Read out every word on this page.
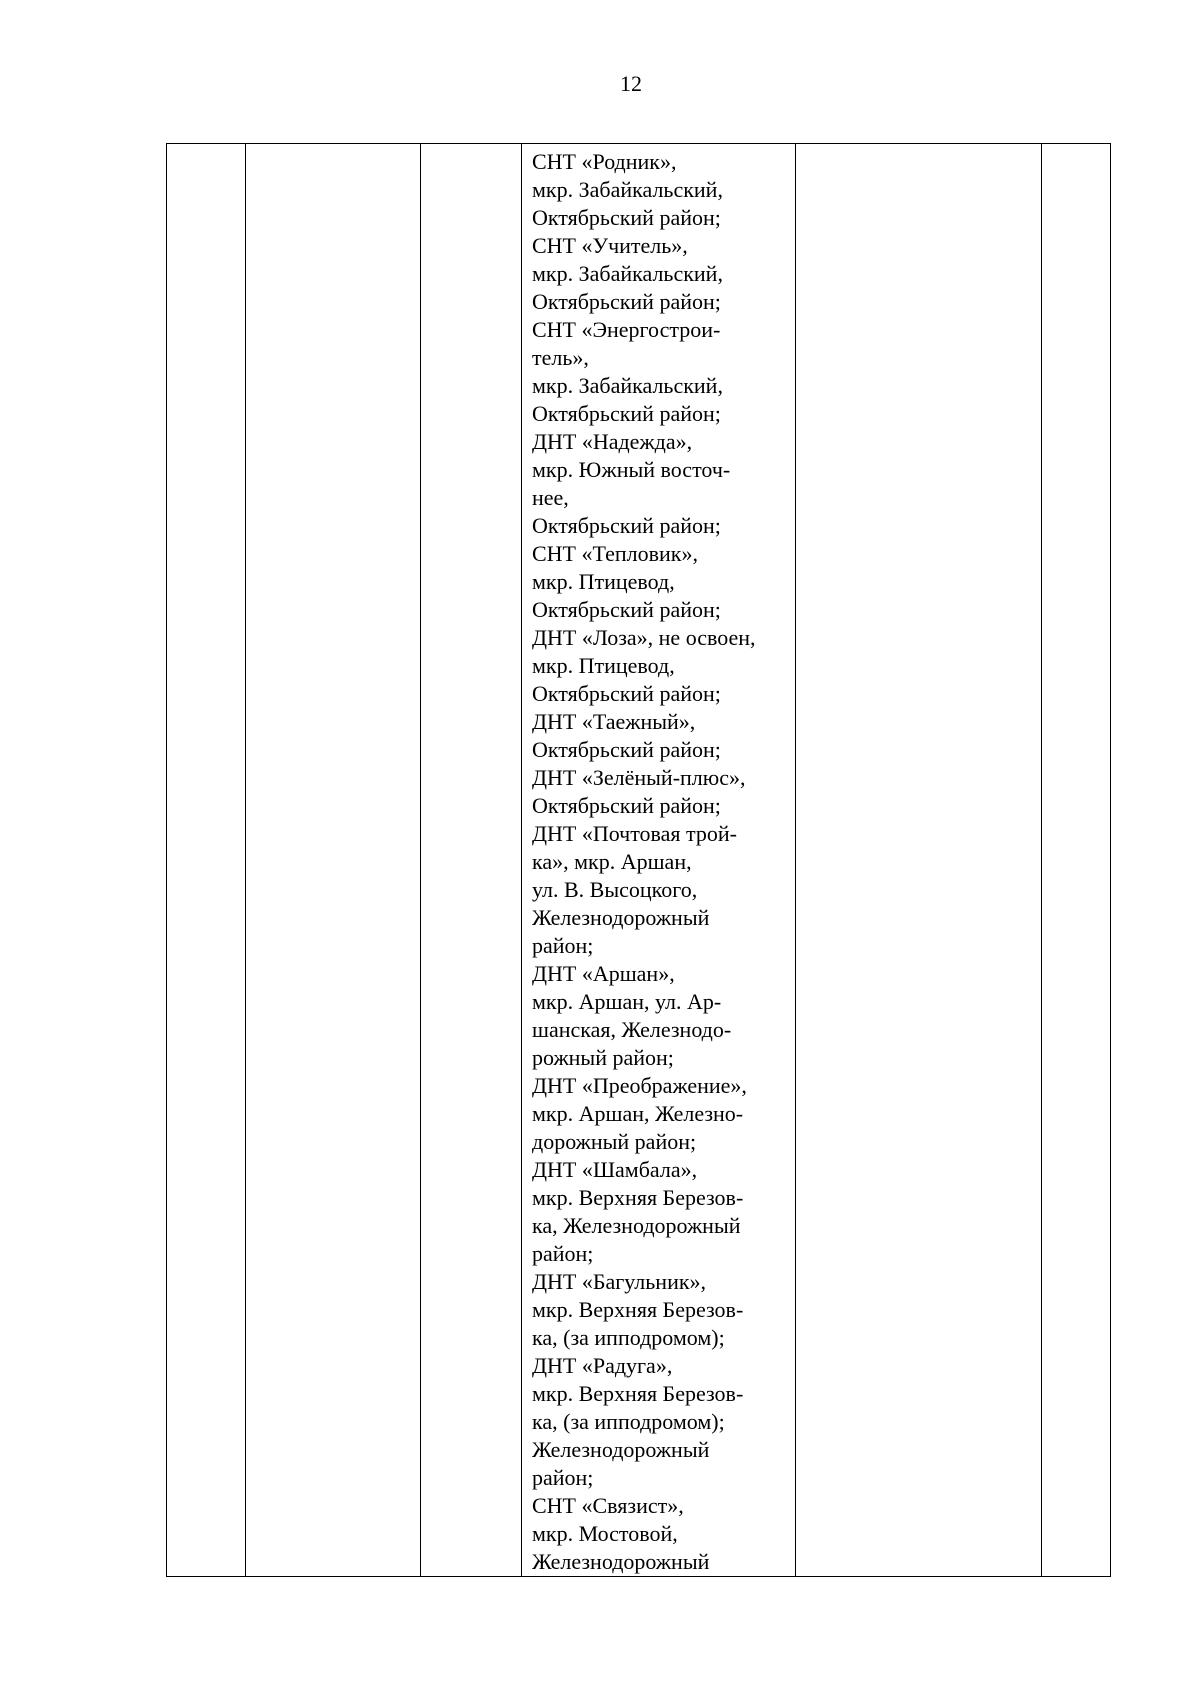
12

СНТ «Родник»,
мкр. Забайкальский,
Октябрьский район;
СНТ «Учитель»,
мкр. Забайкальский,
Октябрьский район;
СНТ «Энергострои-
тель»,
мкр. Забайкальский,
Октябрьский район;
ДНТ «Надежда»,
мкр. Южный восточ-
нее,
Октябрьский район;
СНТ «Тепловик»,
мкр. Птицевод,
Октябрьский район;
ДНТ «Лоза», не освоен,
мкр. Птицевод,
Октябрьский район;
ДНТ «Таежный»,
Октябрьский район;
ДНТ «Зелёный-плюс»,
Октябрьский район;
ДНТ «Почтовая трой-
ка», мкр. Аршан,
ул. В. Высоцкого,
Железнодорожный
район;
ДНТ «Аршан»,
мкр. Аршан, ул. Ар-
шанская, Железнодо-
рожный район;
ДНТ «Преображение»,
мкр. Аршан, Железно-
дорожный район;
ДНТ «Шамбала»,
мкр. Верхняя Березов-
ка, Железнодорожный
район;
ДНТ «Багульник»,
мкр. Верхняя Березов-
ка, (за ипподромом);
ДНТ «Радуга»,
мкр. Верхняя Березов-
ка, (за ипподромом);
Железнодорожный
район;
СНТ «Связист»,
мкр. Мостовой,
Железнодорожный
